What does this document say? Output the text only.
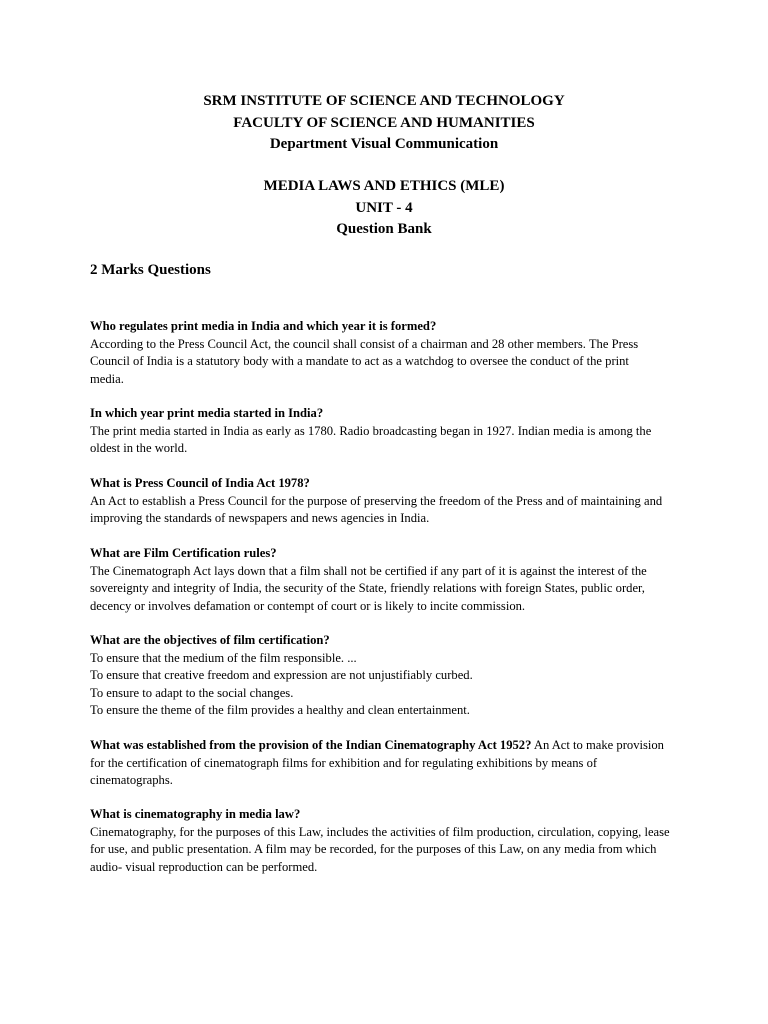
SRM INSTITUTE OF SCIENCE AND TECHNOLOGY
FACULTY OF SCIENCE AND HUMANITIES
Department Visual Communication
MEDIA LAWS AND ETHICS (MLE)
UNIT - 4
Question Bank
2 Marks Questions
Who regulates print media in India and which year it is formed?
According to the Press Council Act, the council shall consist of a chairman and 28 other members. The Press
Council of India is a statutory body with a mandate to act as a watchdog to oversee the conduct of the print
media.
In which year print media started in India?
The print media started in India as early as 1780. Radio broadcasting began in 1927. Indian media is among the
oldest in the world.
What is Press Council of India Act 1978?
An Act to establish a Press Council for the purpose of preserving the freedom of the Press and of maintaining and
improving the standards of newspapers and news agencies in India.
What are Film Certification rules?
The Cinematograph Act lays down that a film shall not be certified if any part of it is against the interest of the
sovereignty and integrity of India, the security of the State, friendly relations with foreign States, public order,
decency or involves defamation or contempt of court or is likely to incite commission.
What are the objectives of film certification?
To ensure that the medium of the film responsible. ...
To ensure that creative freedom and expression are not unjustifiably curbed.
To ensure to adapt to the social changes.
To ensure the theme of the film provides a healthy and clean entertainment.
What was established from the provision of the Indian Cinematography Act 1952? An Act to make provision
for the certification of cinematograph films for exhibition and for regulating exhibitions by means of
cinematographs.
What is cinematography in media law?
Cinematography, for the purposes of this Law, includes the activities of film production, circulation, copying, lease
for use, and public presentation. A film may be recorded, for the purposes of this Law, on any media from which
audio- visual reproduction can be performed.
